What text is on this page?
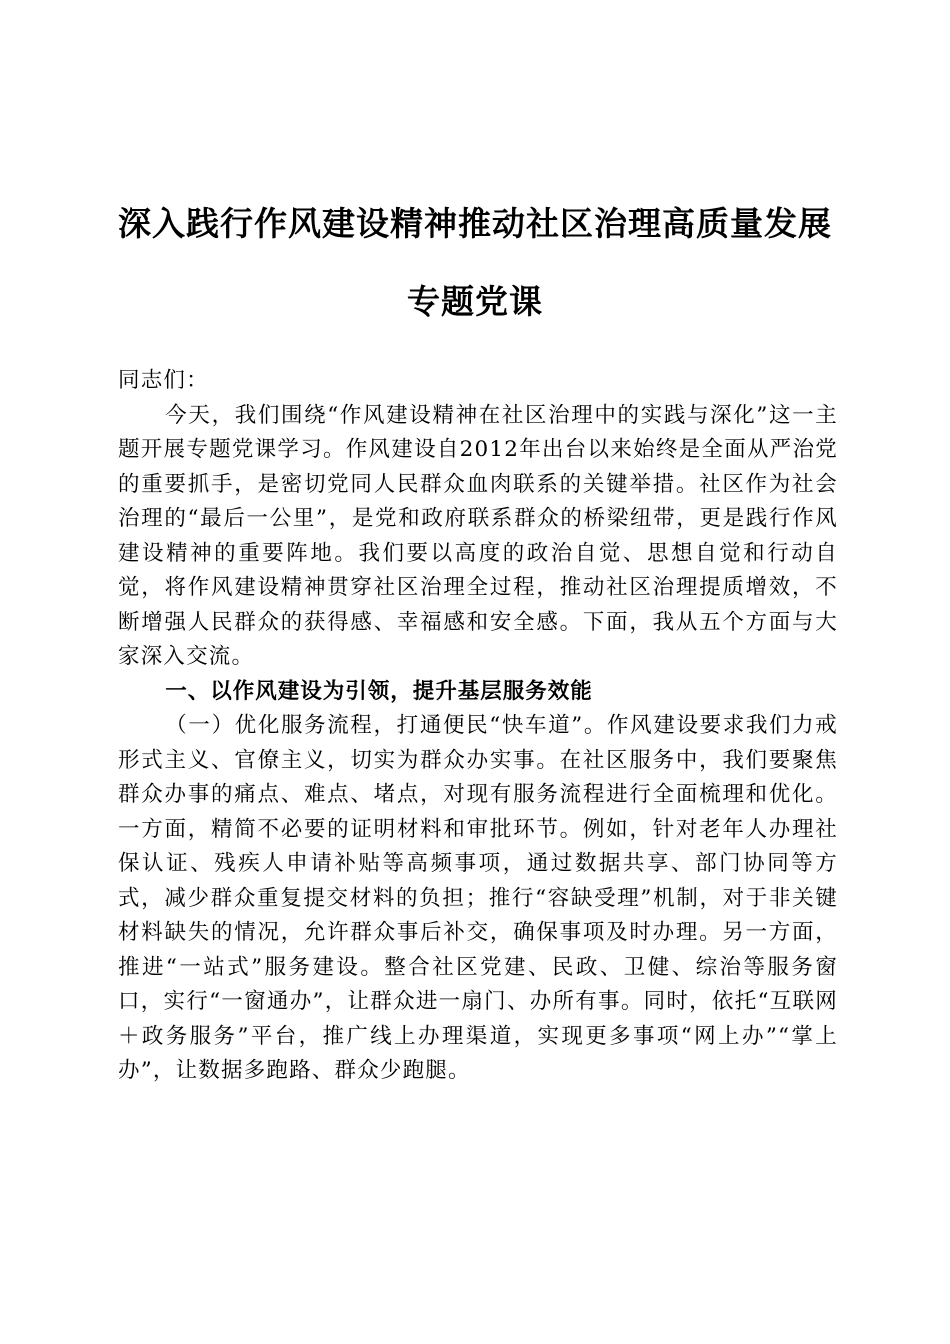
深入践行作风建设精神推动社区治理高质量发展专题党课

同志们：

今天，我们围绕“作风建设精神在社区治理中的实践与深化”这一主题开展专题党课学习。作风建设自2012年出台以来始终是全面从严治党的重要抓手，是密切党同人民群众血肉联系的关键举措。社区作为社会治理的“最后一公里”，是党和政府联系群众的桥梁纽带，更是践行作风建设精神的重要阵地。我们要以高度的政治自觉、思想自觉和行动自觉，将作风建设精神贯穿社区治理全过程，推动社区治理提质增效，不断增强人民群众的获得感、幸福感和安全感。下面，我从五个方面与大家深入交流。

一、以作风建设为引领，提升基层服务效能

（一）优化服务流程，打通便民“快车道”。作风建设要求我们力戒形式主义、官僚主义，切实为群众办实事。在社区服务中，我们要聚焦群众办事的痛点、难点、堵点，对现有服务流程进行全面梳理和优化。一方面，精简不必要的证明材料和审批环节。例如，针对老年人办理社保认证、残疾人申请补贴等高频事项，通过数据共享、部门协同等方式，减少群众重复提交材料的负担；推行“容缺受理”机制，对于非关键材料缺失的情况，允许群众事后补交，确保事项及时办理。另一方面，推进“一站式”服务建设。整合社区党建、民政、卫健、综治等服务窗口，实行“一窗通办”，让群众进一扇门、办所有事。同时，依托“互联网＋政务服务”平台，推广线上办理渠道，实现更多事项“网上办”“掌上办”，让数据多跑路、群众少跑腿。
